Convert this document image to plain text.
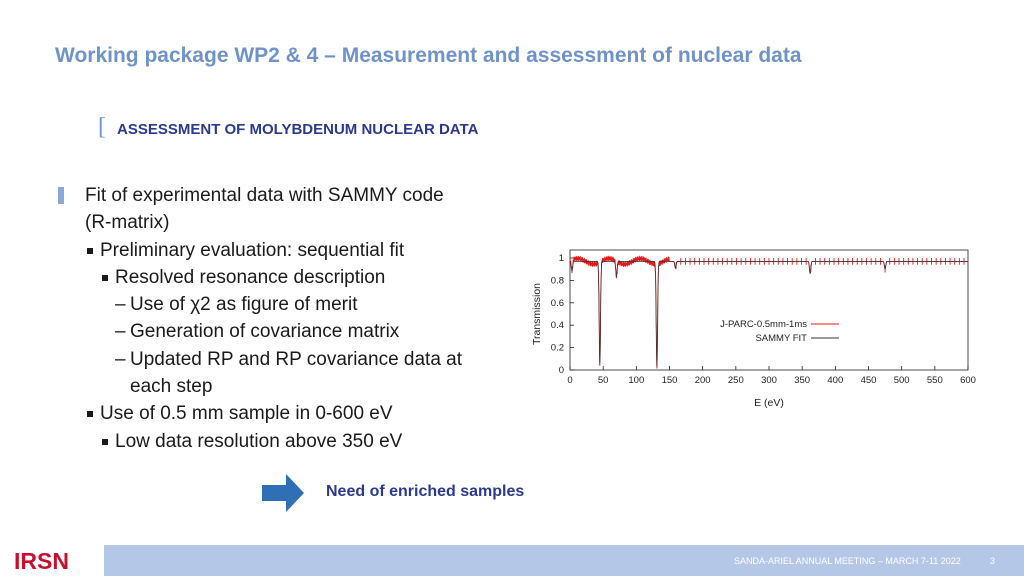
Working package WP2 & 4 – Measurement and assessment of nuclear data
[ ASSESSMENT OF MOLYBDENUM NUCLEAR DATA
Fit of experimental data with SAMMY code
(R-matrix)
Preliminary evaluation: sequential fit
Resolved resonance description
– Use of χ2 as figure of merit
– Generation of covariance matrix
– Updated RP and RP covariance data at
each step
Use of 0.5 mm sample in 0-600 eV
Low data resolution above 350 eV
0	50 100 150 200 250 300 350 400 450 500 550 600
0
0.2
0.4
0.6
0.8
1
E (eV)
Transmission	J-PARC-0.5mm-1ms
SAMMY FIT
Need of enriched samples
SANDA-ARIEL ANNUAL MEETING – MARCH 7-11 2022	3
IRSN
